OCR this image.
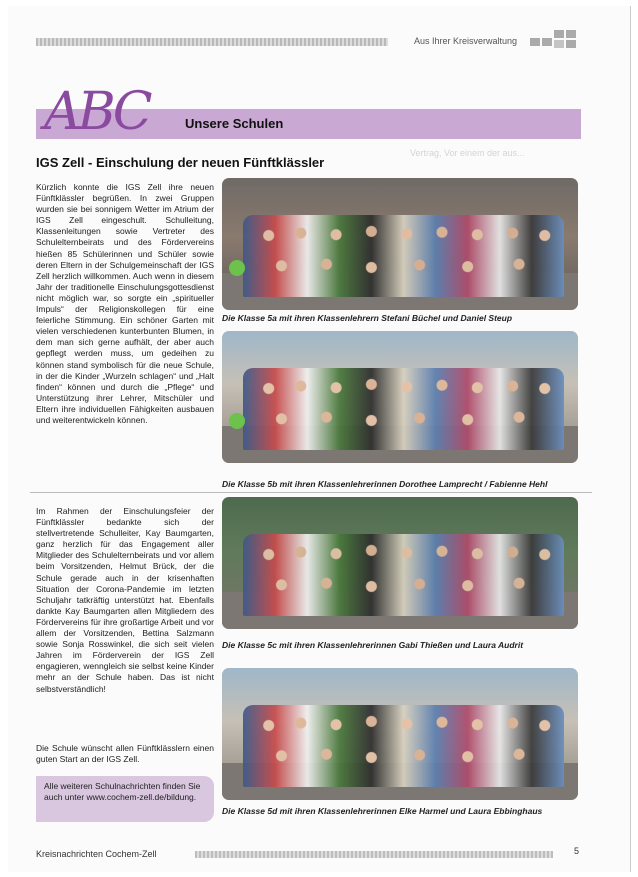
Aus Ihrer Kreisverwaltung
ABC	Unsere Schulen
Vertrag, Vor einem der aus...
IGS Zell - Einschulung der neuen Fünftklässler

Kürzlich konnte die IGS Zell ihre neuen Fünftklässler begrüßen. In zwei Gruppen wurden sie bei sonnigem Wetter im Atrium der IGS Zell eingeschult. Schulleitung, Klassenleitungen sowie Vertreter des Schulelternbeirats und des Fördervereins hießen 85 Schülerinnen und Schüler sowie deren Eltern in der Schulgemeinschaft der IGS Zell herzlich willkommen. Auch wenn in diesem Jahr der traditionelle Einschulungsgottesdienst nicht möglich war, so sorgte ein „spiritueller Impuls“ der Religionskollegen für eine feierliche Stimmung. Ein schöner Garten mit vielen verschiedenen kunterbunten Blumen, in dem man sich gerne aufhält, der aber auch gepflegt werden muss, um gedeihen zu können stand symbolisch für die neue Schule, in der die Kinder „Wurzeln schlagen“ und „Halt finden“ können und durch die „Pflege“ und Unterstützung ihrer Lehrer, Mitschüler und Eltern ihre individuellen Fähigkeiten ausbauen und weiterentwickeln können.

Im Rahmen der Einschulungsfeier der Fünftklässler bedankte sich der stellvertretende Schulleiter, Kay Baumgarten, ganz herzlich für das Engagement aller Mitglieder des Schulelternbeirats und vor allem beim Vorsitzenden, Helmut Brück, der die Schule gerade auch in der krisenhaften Situation der Corona-Pandemie im letzten Schuljahr tatkräftig unterstützt hat. Ebenfalls dankte Kay Baumgarten allen Mitgliedern des Fördervereins für ihre großartige Arbeit und vor allem der Vorsitzenden, Bettina Salzmann sowie Sonja Rosswinkel, die sich seit vielen Jahren im Förderverein der IGS Zell engagieren, wenngleich sie selbst keine Kinder mehr an der Schule haben. Das ist nicht selbstverständlich!

Die Schule wünscht allen Fünftklässlern einen guten Start an der IGS Zell.

Alle weiteren Schulnachrichten finden Sie auch unter www.cochem-zell.de/bildung.

Die Klasse 5a mit ihren Klassenlehrern Stefani Büchel und Daniel Steup
Die Klasse 5b mit ihren Klassenlehrerinnen Dorothee Lamprecht / Fabienne Hehl
Die Klasse 5c mit ihren Klassenlehrerinnen Gabi Thießen und Laura Audrit
Die Klasse 5d mit ihren Klassenlehrerinnen Elke Harmel und Laura Ebbinghaus
Kreisnachrichten Cochem-Zell	5
